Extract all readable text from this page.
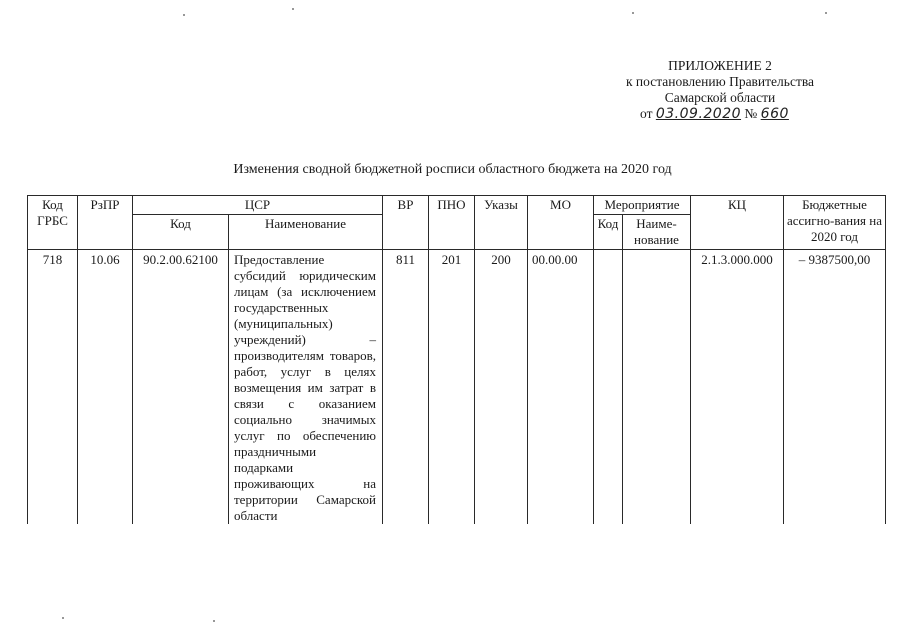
ПРИЛОЖЕНИЕ 2
к постановлению Правительства
Самарской области
от 03.09.2020 № 660
Изменения сводной бюджетной росписи областного бюджета на 2020 год
Код ГРБС	РзПР	ЦСР		ВР	ПНО	Указы	МО	Мероприятие		КЦ	Бюджетные ассигно-вания на 2020 год
		Код	Наименование					Код	Наиме-нование		
718	10.06	90.2.00.62100	Предоставление субсидий юридическим лицам (за исключением государственных (муниципальных) учреждений) – производителям товаров, работ, услуг в целях возмещения им затрат в связи с оказанием социально значимых услуг по обеспечению праздничными подарками проживающих на территории Самарской области	811	201	200	00.00.00			2.1.3.000.000	– 9387500,00
